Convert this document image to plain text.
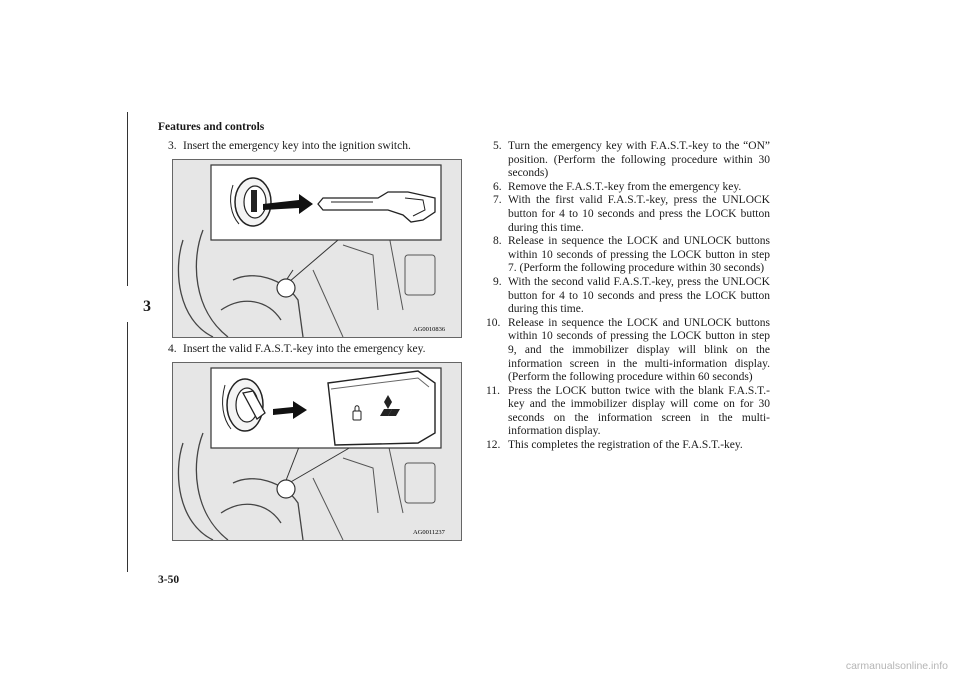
Features and controls
3
3-50
3. Insert the emergency key into the ignition switch.
AG0010836
4. Insert the valid F.A.S.T.-key into the emergency key.
AG0011237
5. Turn the emergency key with F.A.S.T.-key to the “ON” position. (Perform the following procedure within 30 seconds)
6. Remove the F.A.S.T.-key from the emergency key.
7. With the first valid F.A.S.T.-key, press the UNLOCK button for 4 to 10 seconds and press the LOCK button during this time.
8. Release in sequence the LOCK and UNLOCK buttons within 10 seconds of pressing the LOCK button in step 7. (Perform the following procedure within 30 seconds)
9. With the second valid F.A.S.T.-key, press the UNLOCK button for 4 to 10 seconds and press the LOCK button during this time.
10. Release in sequence the LOCK and UNLOCK buttons within 10 seconds of pressing the LOCK button in step 9, and the immobilizer display will blink on the information screen in the multi-information display. (Perform the following procedure within 60 seconds)
11. Press the LOCK button twice with the blank F.A.S.T.-key and the immobilizer display will come on for 30 seconds on the information screen in the multi-information display.
12. This completes the registration of the F.A.S.T.-key.
carmanualsonline.info
